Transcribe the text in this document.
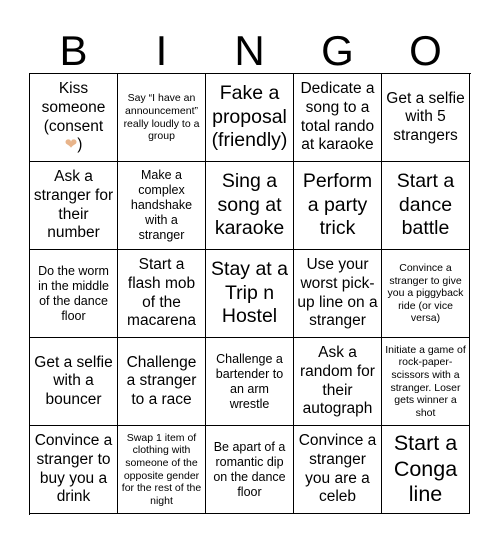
B	I	N	G	O
Kiss someone (consent
❤)
Say “I have an announcement” really loudly to a group
Fake a proposal (friendly)
Dedicate a song to a total rando at karaoke
Get a selfie with 5 strangers
Ask a stranger for their number
Make a complex handshake with a stranger
Sing a song at karaoke
Perform a party trick
Start a dance battle
Do the worm in the middle of the dance floor
Start a flash mob of the macarena
Stay at a Trip n Hostel
Use your worst pick-up line on a stranger
Convince a stranger to give you a piggyback ride (or vice versa)
Get a selfie with a bouncer
Challenge a stranger to a race
Challenge a bartender to an arm wrestle
Ask a random for their autograph
Initiate a game of rock-paper-scissors with a stranger. Loser gets winner a shot
Convince a stranger to buy you a drink
Swap 1 item of clothing with someone of the opposite gender for the rest of the night
Be apart of a romantic dip on the dance floor
Convince a stranger you are a celeb
Start a Conga line
